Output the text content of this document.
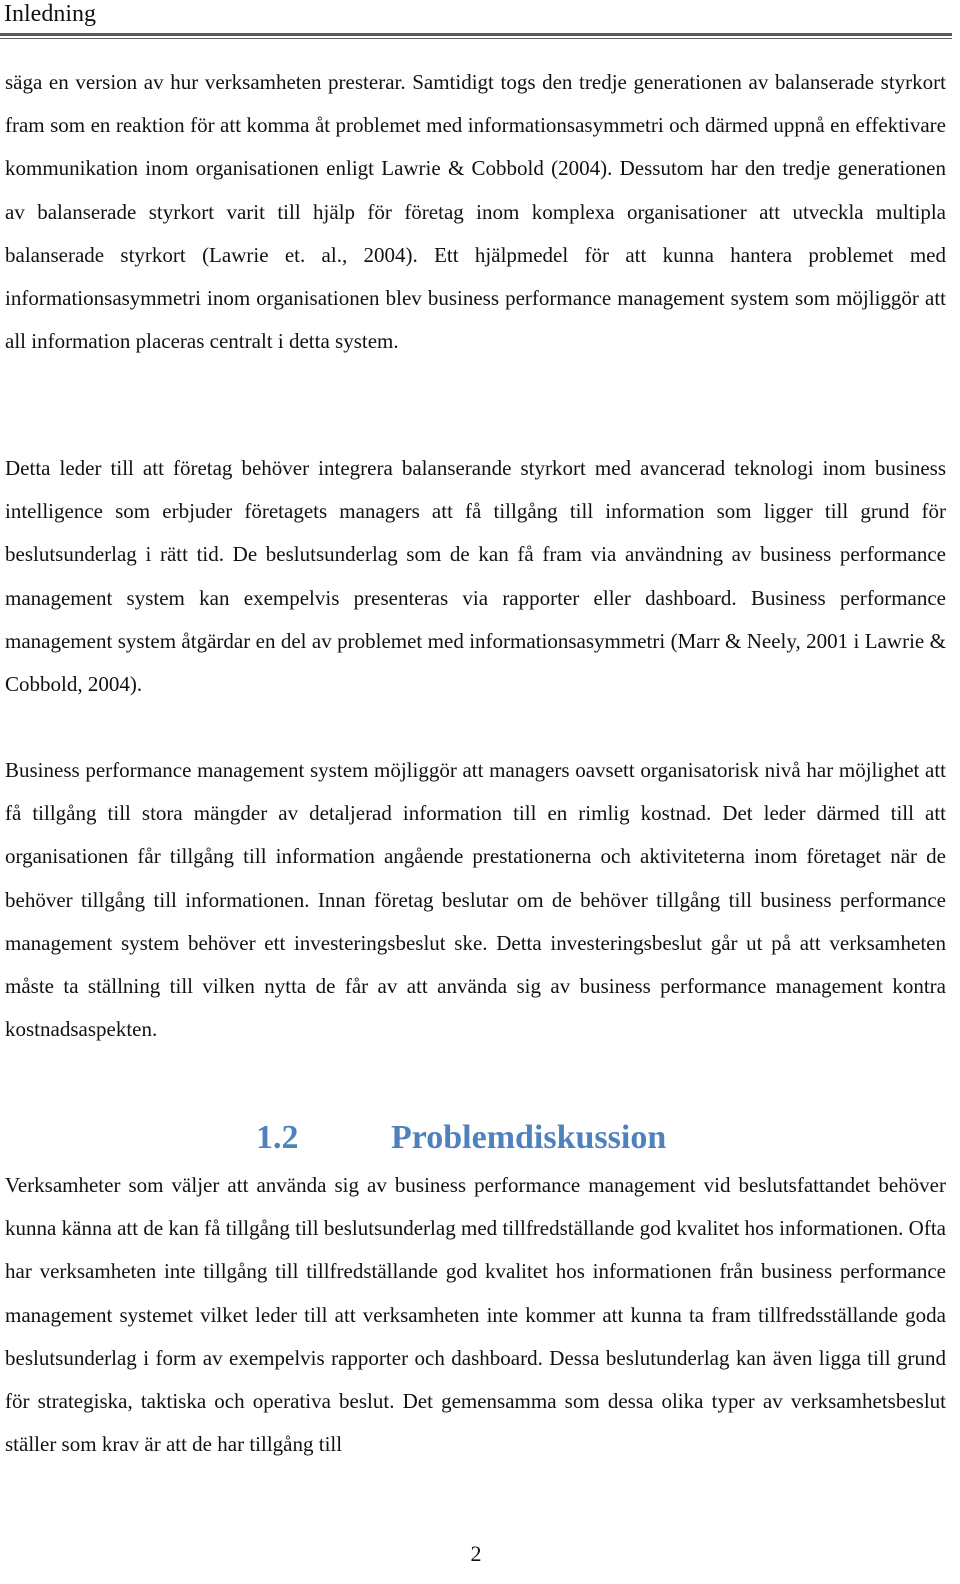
Inledning

säga en version av hur verksamheten presterar. Samtidigt togs den tredje generationen av balanserade styrkort fram som en reaktion för att komma åt problemet med informationsasymmetri och därmed uppnå en effektivare kommunikation inom organisationen enligt Lawrie & Cobbold (2004). Dessutom har den tredje generationen av balanserade styrkort varit till hjälp för företag inom komplexa organisationer att utveckla multipla balanserade styrkort (Lawrie et. al., 2004). Ett hjälpmedel för att kunna hantera problemet med informationsasymmetri inom organisationen blev business performance management system som möjliggör att all information placeras centralt i detta system.

Detta leder till att företag behöver integrera balanserande styrkort med avancerad teknologi inom business intelligence som erbjuder företagets managers att få tillgång till information som ligger till grund för beslutsunderlag i rätt tid. De beslutsunderlag som de kan få fram via användning av business performance management system kan exempelvis presenteras via rapporter eller dashboard. Business performance management system åtgärdar en del av problemet med informationsasymmetri (Marr & Neely, 2001 i Lawrie & Cobbold, 2004).

Business performance management system möjliggör att managers oavsett organisatorisk nivå har möjlighet att få tillgång till stora mängder av detaljerad information till en rimlig kostnad. Det leder därmed till att organisationen får tillgång till information angående prestationerna och aktiviteterna inom företaget när de behöver tillgång till informationen. Innan företag beslutar om de behöver tillgång till business performance management system behöver ett investeringsbeslut ske. Detta investeringsbeslut går ut på att verksamheten måste ta ställning till vilken nytta de får av att använda sig av business performance management kontra kostnadsaspekten.

1.2	Problemdiskussion

Verksamheter som väljer att använda sig av business performance management vid beslutsfattandet behöver kunna känna att de kan få tillgång till beslutsunderlag med tillfredställande god kvalitet hos informationen. Ofta har verksamheten inte tillgång till tillfredställande god kvalitet hos informationen från business performance management systemet vilket leder till att verksamheten inte kommer att kunna ta fram tillfredsställande goda beslutsunderlag i form av exempelvis rapporter och dashboard. Dessa beslutunderlag kan även ligga till grund för strategiska, taktiska och operativa beslut. Det gemensamma som dessa olika typer av verksamhetsbeslut ställer som krav är att de har tillgång till

2
